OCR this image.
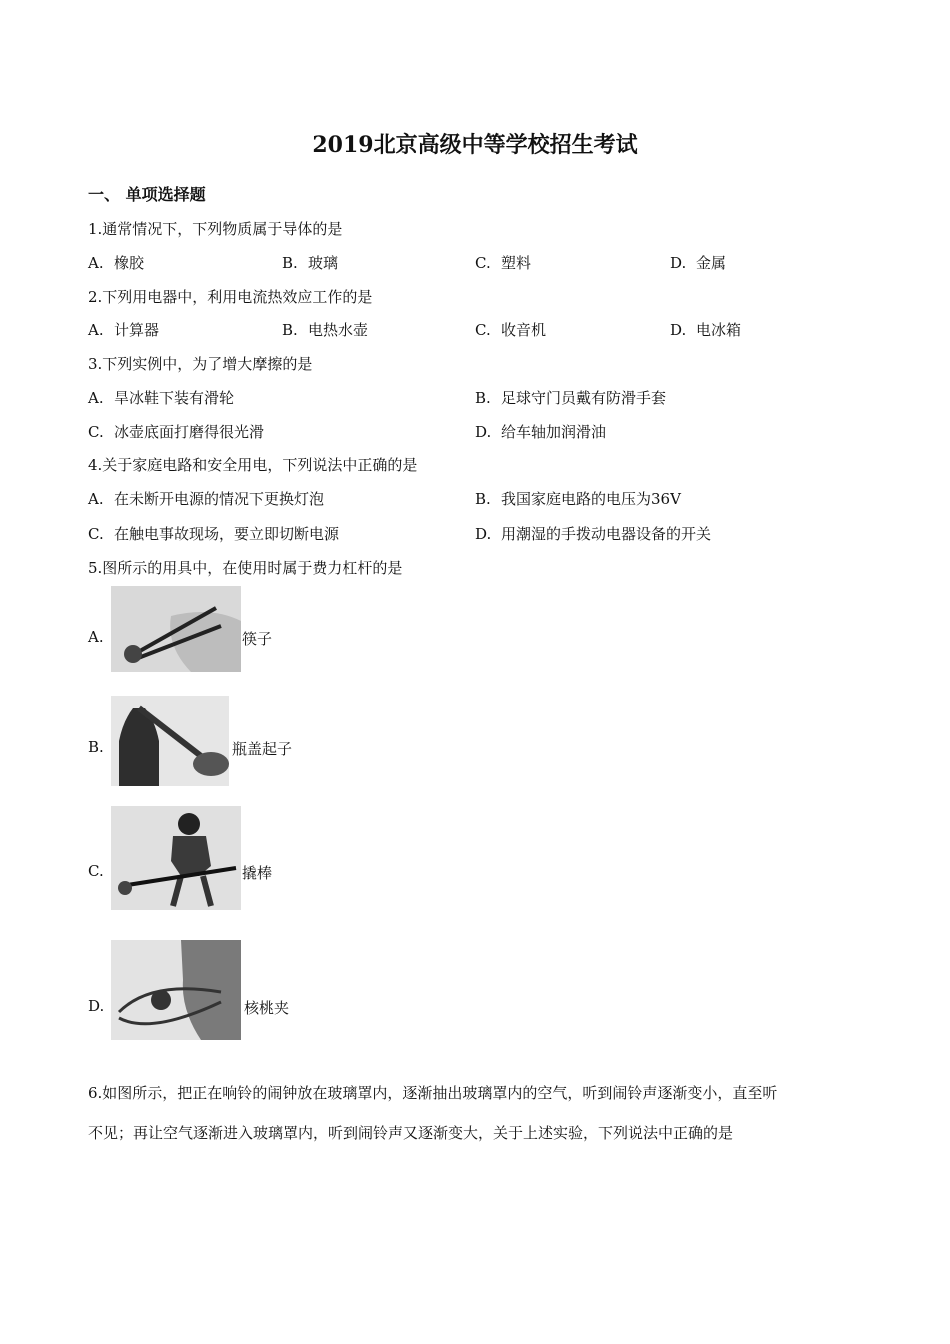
2019北京高级中等学校招生考试
一、 单项选择题
1.通常情况下，下列物质属于导体的是
A. 橡胶	B. 玻璃	C. 塑料	D. 金属
2.下列用电器中，利用电流热效应工作的是
A. 计算器	B. 电热水壶	C. 收音机	D. 电冰箱
3.下列实例中，为了增大摩擦的是
A. 旱冰鞋下装有滑轮	B. 足球守门员戴有防滑手套
C. 冰壶底面打磨得很光滑	D. 给车轴加润滑油
4.关于家庭电路和安全用电，下列说法中正确的是
A. 在未断开电源的情况下更换灯泡	B. 我国家庭电路的电压为36V
C. 在触电事故现场，要立即切断电源	D. 用潮湿的手拨动电器设备的开关
5.图所示的用具中，在使用时属于费力杠杆的是
A.	筷子
B.	瓶盖起子
C.	撬棒
D.	核桃夹
6.如图所示，把正在响铃的闹钟放在玻璃罩内，逐渐抽出玻璃罩内的空气，听到闹铃声逐渐变小，直至听
不见；再让空气逐渐进入玻璃罩内，听到闹铃声又逐渐变大，关于上述实验，下列说法中正确的是
